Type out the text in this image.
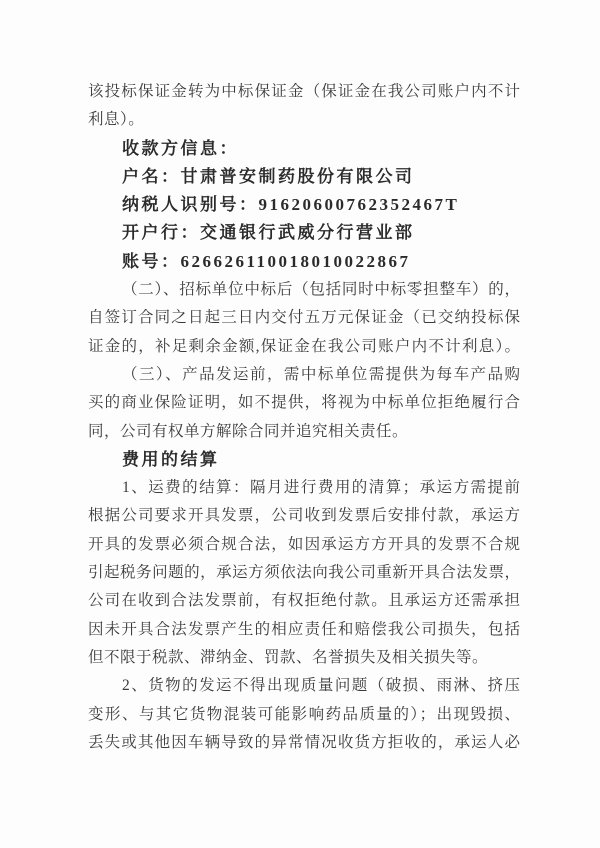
该投标保证金转为中标保证金（保证金在我公司账户内不计
利息）。
收款方信息：
户名：甘肃普安制药股份有限公司
纳税人识别号：91620600762352467T
开户行：交通银行武威分行营业部
账号：626626110018010022867
（二）、招标单位中标后（包括同时中标零担整车）的，
自签订合同之日起三日内交付五万元保证金（已交纳投标保
证金的，补足剩余金额,保证金在我公司账户内不计利息）。
（三）、产品发运前，需中标单位需提供为每车产品购
买的商业保险证明，如不提供，将视为中标单位拒绝履行合
同，公司有权单方解除合同并追究相关责任。
费用的结算
1、运费的结算：隔月进行费用的清算；承运方需提前
根据公司要求开具发票，公司收到发票后安排付款，承运方
开具的发票必须合规合法，如因承运方方开具的发票不合规
引起税务问题的，承运方须依法向我公司重新开具合法发票，
公司在收到合法发票前，有权拒绝付款。且承运方还需承担
因未开具合法发票产生的相应责任和赔偿我公司损失，包括
但不限于税款、滞纳金、罚款、名誉损失及相关损失等。
2、货物的发运不得出现质量问题（破损、雨淋、挤压
变形、与其它货物混装可能影响药品质量的）；出现毁损、
丢失或其他因车辆导致的异常情况收货方拒收的，承运人必
